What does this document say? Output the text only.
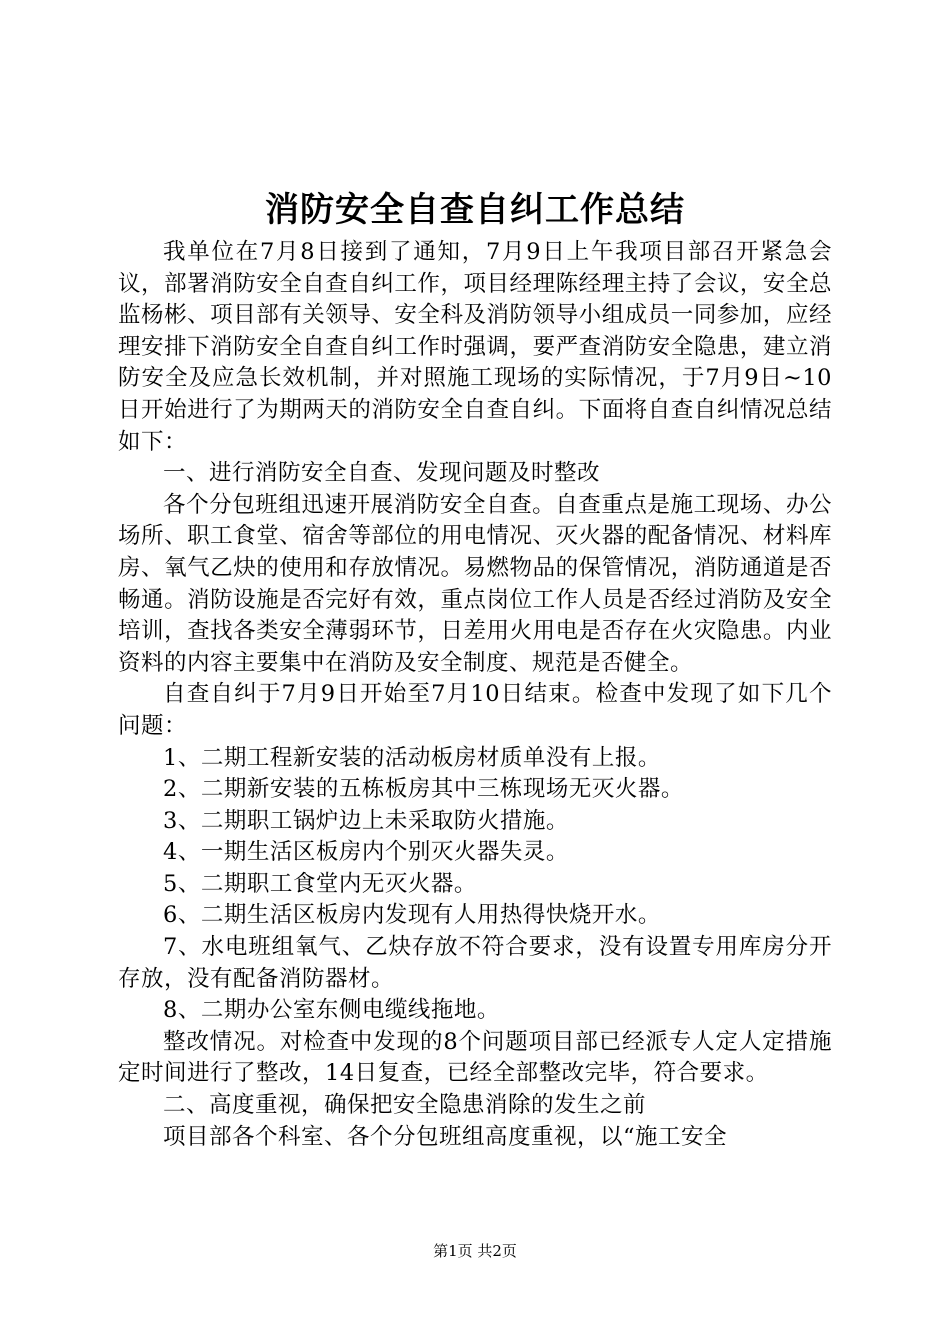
消防安全自查自纠工作总结

我单位在7月8日接到了通知，7月9日上午我项目部召开紧急会议，部署消防安全自查自纠工作，项目经理陈经理主持了会议，安全总监杨彬、项目部有关领导、安全科及消防领导小组成员一同参加，应经理安排下消防安全自查自纠工作时强调，要严查消防安全隐患，建立消防安全及应急长效机制，并对照施工现场的实际情况，于7月9日~10日开始进行了为期两天的消防安全自查自纠。下面将自查自纠情况总结如下：

一、进行消防安全自查、发现问题及时整改

各个分包班组迅速开展消防安全自查。自查重点是施工现场、办公场所、职工食堂、宿舍等部位的用电情况、灭火器的配备情况、材料库房、氧气乙炔的使用和存放情况。易燃物品的保管情况，消防通道是否畅通。消防设施是否完好有效，重点岗位工作人员是否经过消防及安全培训，查找各类安全薄弱环节，日差用火用电是否存在火灾隐患。内业资料的内容主要集中在消防及安全制度、规范是否健全。

自查自纠于7月9日开始至7月10日结束。检查中发现了如下几个问题：

1、二期工程新安装的活动板房材质单没有上报。

2、二期新安装的五栋板房其中三栋现场无灭火器。

3、二期职工锅炉边上未采取防火措施。

4、一期生活区板房内个别灭火器失灵。

5、二期职工食堂内无灭火器。

6、二期生活区板房内发现有人用热得快烧开水。

7、水电班组氧气、乙炔存放不符合要求，没有设置专用库房分开存放，没有配备消防器材。

8、二期办公室东侧电缆线拖地。

整改情况。对检查中发现的8个问题项目部已经派专人定人定措施定时间进行了整改，14日复查，已经全部整改完毕，符合要求。

二、高度重视，确保把安全隐患消除的发生之前

项目部各个科室、各个分包班组高度重视，以“施工安全

第1页 共2页
